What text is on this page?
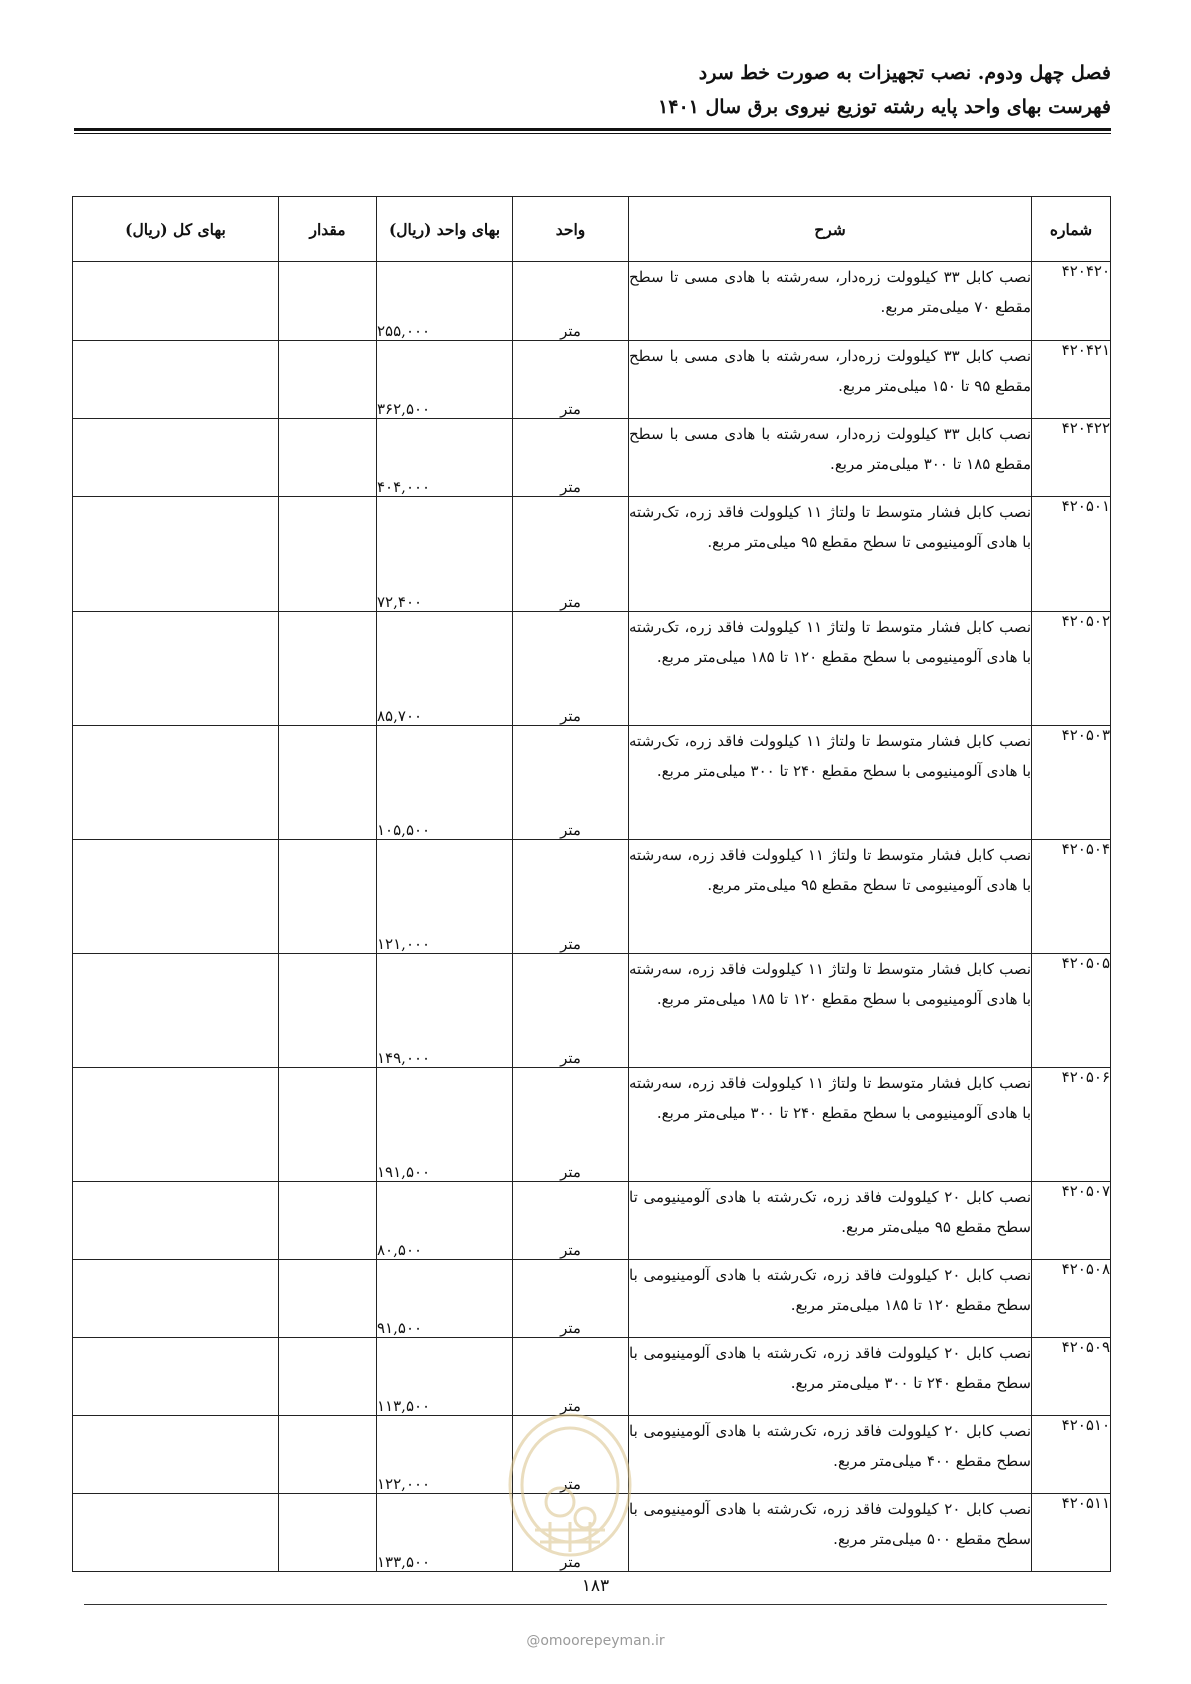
فصل چهل ودوم. نصب تجهیزات به صورت خط سرد
فهرست بهای واحد پایه رشته توزیع نیروی برق سال ۱۴۰۱
شماره	شرح	واحد	بهای واحد (ریال)	مقدار	بهای کل (ریال)
۴۲۰۴۲۰	نصب کابل ۳۳ کیلوولت زره‌دار، سه‌رشته با هادی مسی تا سطح مقطع ۷۰ میلی‌متر مربع.	متر	۲۵۵,۰۰۰		
۴۲۰۴۲۱	نصب کابل ۳۳ کیلوولت زره‌دار، سه‌رشته با هادی مسی با سطح مقطع ۹۵ تا ۱۵۰ میلی‌متر مربع.	متر	۳۶۲,۵۰۰		
۴۲۰۴۲۲	نصب کابل ۳۳ کیلوولت زره‌دار، سه‌رشته با هادی مسی با سطح مقطع ۱۸۵ تا ۳۰۰ میلی‌متر مربع.	متر	۴۰۴,۰۰۰		
۴۲۰۵۰۱	نصب کابل فشار متوسط تا ولتاژ ۱۱ کیلوولت فاقد زره، تک‌رشته با هادی آلومینیومی تا سطح مقطع ۹۵ میلی‌متر مربع.	متر	۷۲,۴۰۰		
۴۲۰۵۰۲	نصب کابل فشار متوسط تا ولتاژ ۱۱ کیلوولت فاقد زره، تک‌رشته با هادی آلومینیومی با سطح مقطع ۱۲۰ تا ۱۸۵ میلی‌متر مربع.	متر	۸۵,۷۰۰		
۴۲۰۵۰۳	نصب کابل فشار متوسط تا ولتاژ ۱۱ کیلوولت فاقد زره، تک‌رشته با هادی آلومینیومی با سطح مقطع ۲۴۰ تا ۳۰۰ میلی‌متر مربع.	متر	۱۰۵,۵۰۰		
۴۲۰۵۰۴	نصب کابل فشار متوسط تا ولتاژ ۱۱ کیلوولت فاقد زره، سه‌رشته با هادی آلومینیومی تا سطح مقطع ۹۵ میلی‌متر مربع.	متر	۱۲۱,۰۰۰		
۴۲۰۵۰۵	نصب کابل فشار متوسط تا ولتاژ ۱۱ کیلوولت فاقد زره، سه‌رشته با هادی آلومینیومی با سطح مقطع ۱۲۰ تا ۱۸۵ میلی‌متر مربع.	متر	۱۴۹,۰۰۰		
۴۲۰۵۰۶	نصب کابل فشار متوسط تا ولتاژ ۱۱ کیلوولت فاقد زره، سه‌رشته با هادی آلومینیومی با سطح مقطع ۲۴۰ تا ۳۰۰ میلی‌متر مربع.	متر	۱۹۱,۵۰۰		
۴۲۰۵۰۷	نصب کابل ۲۰ کیلوولت فاقد زره، تک‌رشته با هادی آلومینیومی تا سطح مقطع ۹۵ میلی‌متر مربع.	متر	۸۰,۵۰۰		
۴۲۰۵۰۸	نصب کابل ۲۰ کیلوولت فاقد زره، تک‌رشته با هادی آلومینیومی با سطح مقطع ۱۲۰ تا ۱۸۵ میلی‌متر مربع.	متر	۹۱,۵۰۰		
۴۲۰۵۰۹	نصب کابل ۲۰ کیلوولت فاقد زره، تک‌رشته با هادی آلومینیومی با سطح مقطع ۲۴۰ تا ۳۰۰ میلی‌متر مربع.	متر	۱۱۳,۵۰۰		
۴۲۰۵۱۰	نصب کابل ۲۰ کیلوولت فاقد زره، تک‌رشته با هادی آلومینیومی با سطح مقطع ۴۰۰ میلی‌متر مربع.	متر	۱۲۲,۰۰۰		
۴۲۰۵۱۱	نصب کابل ۲۰ کیلوولت فاقد زره، تک‌رشته با هادی آلومینیومی با سطح مقطع ۵۰۰ میلی‌متر مربع.	متر	۱۳۳,۵۰۰		
۱۸۳
@omoorepeyman.ir
